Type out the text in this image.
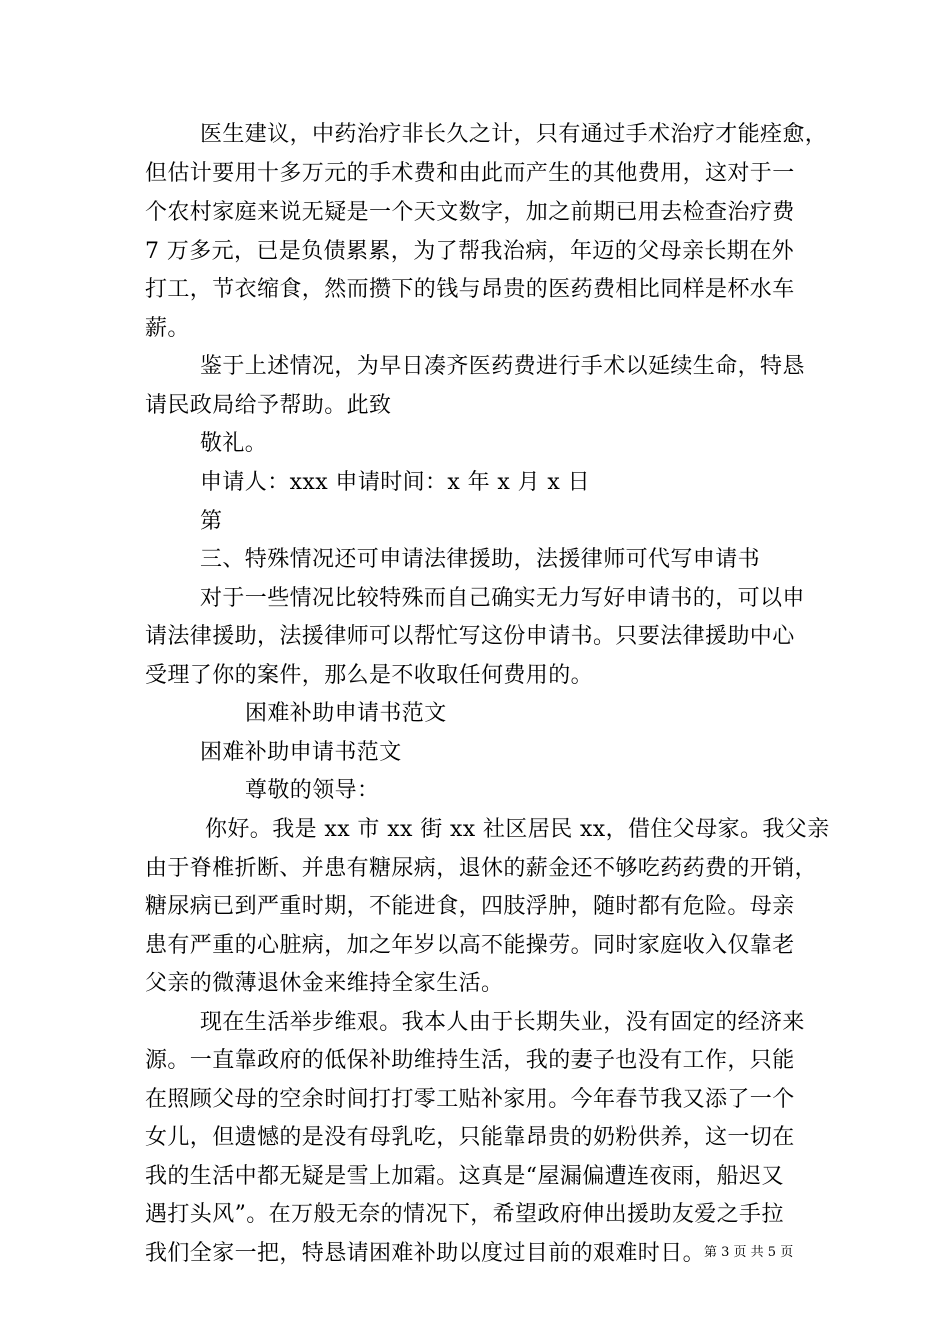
医生建议，中药治疗非长久之计，只有通过手术治疗才能痊愈，
但估计要用十多万元的手术费和由此而产生的其他费用，这对于一
个农村家庭来说无疑是一个天文数字，加之前期已用去检查治疗费
7 万多元，已是负债累累，为了帮我治病，年迈的父母亲长期在外
打工，节衣缩食，然而攒下的钱与昂贵的医药费相比同样是杯水车
薪。
鉴于上述情况，为早日凑齐医药费进行手术以延续生命，特恳
请民政局给予帮助。此致
敬礼。
申请人：xxx 申请时间：x 年 x 月 x 日
第
三、特殊情况还可申请法律援助，法援律师可代写申请书
对于一些情况比较特殊而自己确实无力写好申请书的，可以申
请法律援助，法援律师可以帮忙写这份申请书。只要法律援助中心
受理了你的案件，那么是不收取任何费用的。
困难补助申请书范文
困难补助申请书范文
尊敬的领导：
你好。我是 xx 市 xx 街 xx 社区居民 xx，借住父母家。我父亲
由于脊椎折断、并患有糖尿病，退休的薪金还不够吃药药费的开销，
糖尿病已到严重时期，不能进食，四肢浮肿，随时都有危险。母亲
患有严重的心脏病，加之年岁以高不能操劳。同时家庭收入仅靠老
父亲的微薄退休金来维持全家生活。
现在生活举步维艰。我本人由于长期失业，没有固定的经济来
源。一直靠政府的低保补助维持生活，我的妻子也没有工作，只能
在照顾父母的空余时间打打零工贴补家用。今年春节我又添了一个
女儿，但遗憾的是没有母乳吃，只能靠昂贵的奶粉供养，这一切在
我的生活中都无疑是雪上加霜。这真是“屋漏偏遭连夜雨，船迟又
遇打头风”。在万般无奈的情况下，希望政府伸出援助友爱之手拉
我们全家一把，特恳请困难补助以度过目前的艰难时日。
第 3 页 共 5 页
